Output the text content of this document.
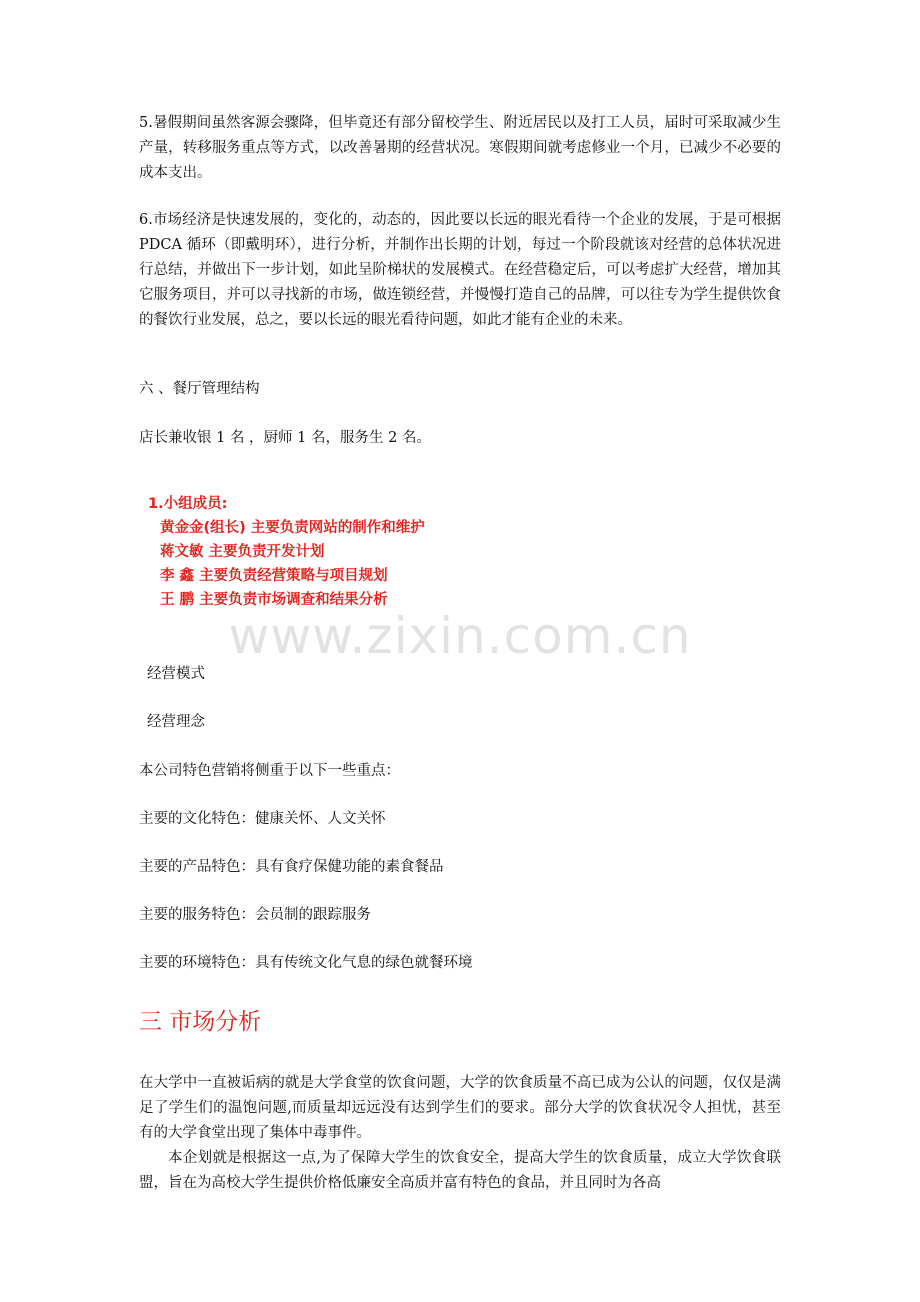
5.暑假期间虽然客源会骤降，但毕竟还有部分留校学生、附近居民以及打工人员，届时可采取减少生产量，转移服务重点等方式，以改善暑期的经营状况。寒假期间就考虑修业一个月，已减少不必要的成本支出。

6.市场经济是快速发展的，变化的，动态的，因此要以长远的眼光看待一个企业的发展，于是可根据 PDCA 循环（即戴明环），进行分析，并制作出长期的计划，每过一个阶段就该对经营的总体状况进行总结，并做出下一步计划，如此呈阶梯状的发展模式。在经营稳定后，可以考虑扩大经营，增加其它服务项目，并可以寻找新的市场，做连锁经营，并慢慢打造自己的品牌，可以往专为学生提供饮食的餐饮行业发展，总之，要以长远的眼光看待问题，如此才能有企业的未来。

六 、餐厅管理结构

店长兼收银 1 名 ，厨师 1 名，服务生 2 名。

1.小组成员:
黄金金(组长) 主要负责网站的制作和维护
蒋文敏 主要负责开发计划
李 鑫 主要负责经营策略与项目规划
王 鹏 主要负责市场调查和结果分析
www.zixin.com.cn

经营模式

经营理念

本公司特色营销将侧重于以下一些重点：

主要的文化特色：健康关怀、人文关怀

主要的产品特色：具有食疗保健功能的素食餐品

主要的服务特色：会员制的跟踪服务

主要的环境特色：具有传统文化气息的绿色就餐环境

三 市场分析

在大学中一直被诟病的就是大学食堂的饮食问题，大学的饮食质量不高已成为公认的问题，仅仅是满足了学生们的温饱问题,而质量却远远没有达到学生们的要求。部分大学的饮食状况令人担忧，甚至有的大学食堂出现了集体中毒事件。

本企划就是根据这一点,为了保障大学生的饮食安全，提高大学生的饮食质量，成立大学饮食联盟，旨在为高校大学生提供价格低廉安全高质并富有特色的食品，并且同时为各高
